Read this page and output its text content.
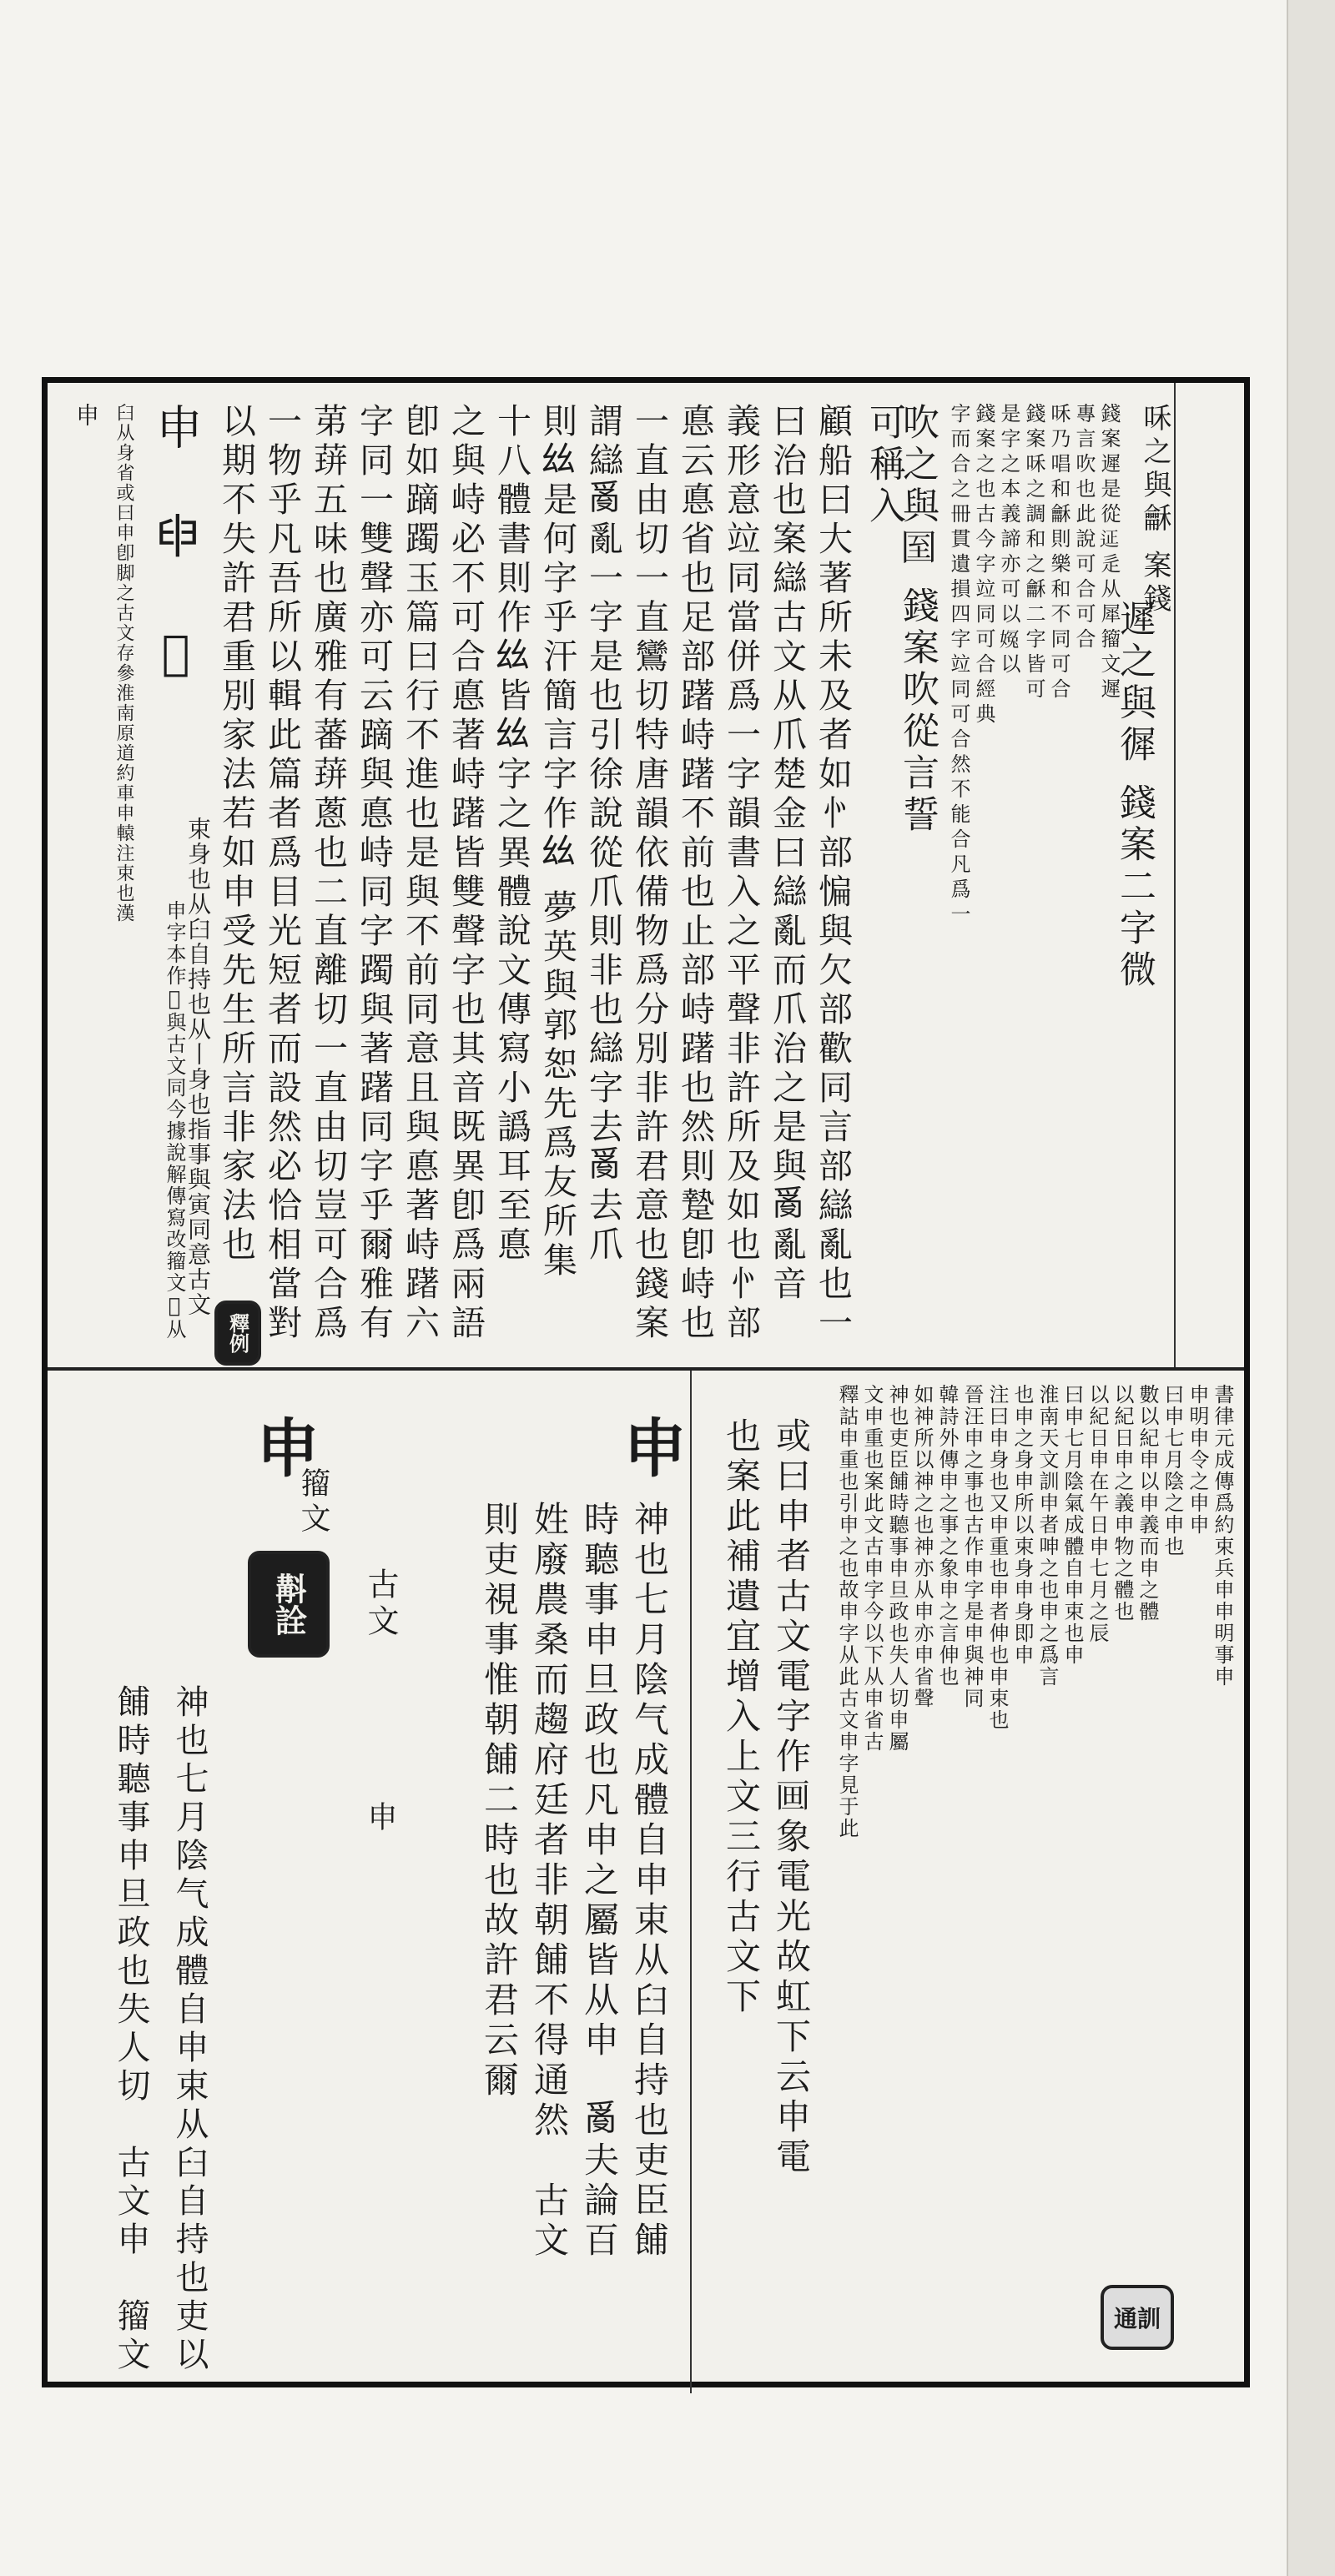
錢案遲是從𨒌辵从犀籀文遲
專言吹也此說可合可合
咊乃唱和龢則樂和不同可合
錢案咊之調和之龢二字皆可
是字之本義諦亦可以𡟰以
錢案之也古今字竝同可合經典
字而合之冊貫遺損四字竝同可合然不能合凡爲一	遲之與徲 錢案二字微
吹之與𡇓 錢案吹從言誓	咊之與龢 案錢
可稱入
顧船曰大著所未及者如㣺部惼與欠部歡同言部䜌亂也一
曰治也案䜌古文从爪楚金曰䜌亂而爪治之是與𤔔亂音
義形意竝同當併爲一字韻書入之平聲非許所及如也㣺部
悳云悳省也足部躇峙躇不前也止部峙躇也然則䠟卽峙也
一直由切一直鸞切特唐韻依備物爲分別非許君意也錢案
謂䜌𤔔亂一字是也引徐說從爪則非也䜌字去𤔔去爪
則𢆶是何字乎汗簡言字作𢆶 夢英與郭恕先爲友所集
十八體書則作𢆶皆𢆶字之異體說文傳寫小譌耳至悳
之與峙必不可合悳著峙躇皆雙聲字也其音既異卽爲兩語
卽如蹢躅玉篇曰行不進也是與不前同意且與悳著峙躇六
字同一雙聲亦可云蹢與悳峙同字躅與著躇同字乎爾雅有
苐䔊五味也廣雅有蕃䔊蔥也二直離切一直由切豈可合爲
一物乎凡吾所以輯此篇者爲目光短者而設然必恰相當對
以期不失許君重別家法若如申受先生所言非家法也
釋例
申 𦥔 𢑚
束身也从臼自持也从丨身也指事與寅同意古文
申字本作𢑚與古文同今據說解傳寫改籀文𢑚从
臼从身省或曰申卽脚之古文存參淮南原道約車申轅注束也漢
申
書律元成傳爲約束兵申申明事申
申明申令之申申
曰申七月陰之申也
數以紀申以申義而申之體
以紀日申之義申物之體也
以紀日申在午日申七月之辰
曰申七月陰氣成體自申束也申
淮南天文訓申者呻之也申之爲言
也申之身申所以束身申身即申
注曰申身也又申重也申者伸也申束也
晉汪申之事也古作申字是申與神同
韓詩外傳申之事之象申之言伸也
如神所以神之也神亦从申亦申省聲
神也吏臣餔時聽事申旦政也失人切申屬
文申重也案此文古申字今以下从申省古
釋詁申重也引申之也故申字从此古文申字見于此
通訓
或曰申者古文電字作𤰱象電光故虹下云申電
也案此補遺宜增入上文三行古文下
申
神也七月陰气成體自申束从臼自持也吏臣餔
時聽事申旦政也凡申之屬皆从申　𤔔夫論百
姓廢農桑而趨府廷者非朝餔不得通然　古文
則吏視事惟朝餔二時也故許君云爾
古文
申
申
籀文
斠詮
神也七月陰气成體自申束从臼自持也吏以
餔時聽事申旦政也失人切　古文申　籀文
